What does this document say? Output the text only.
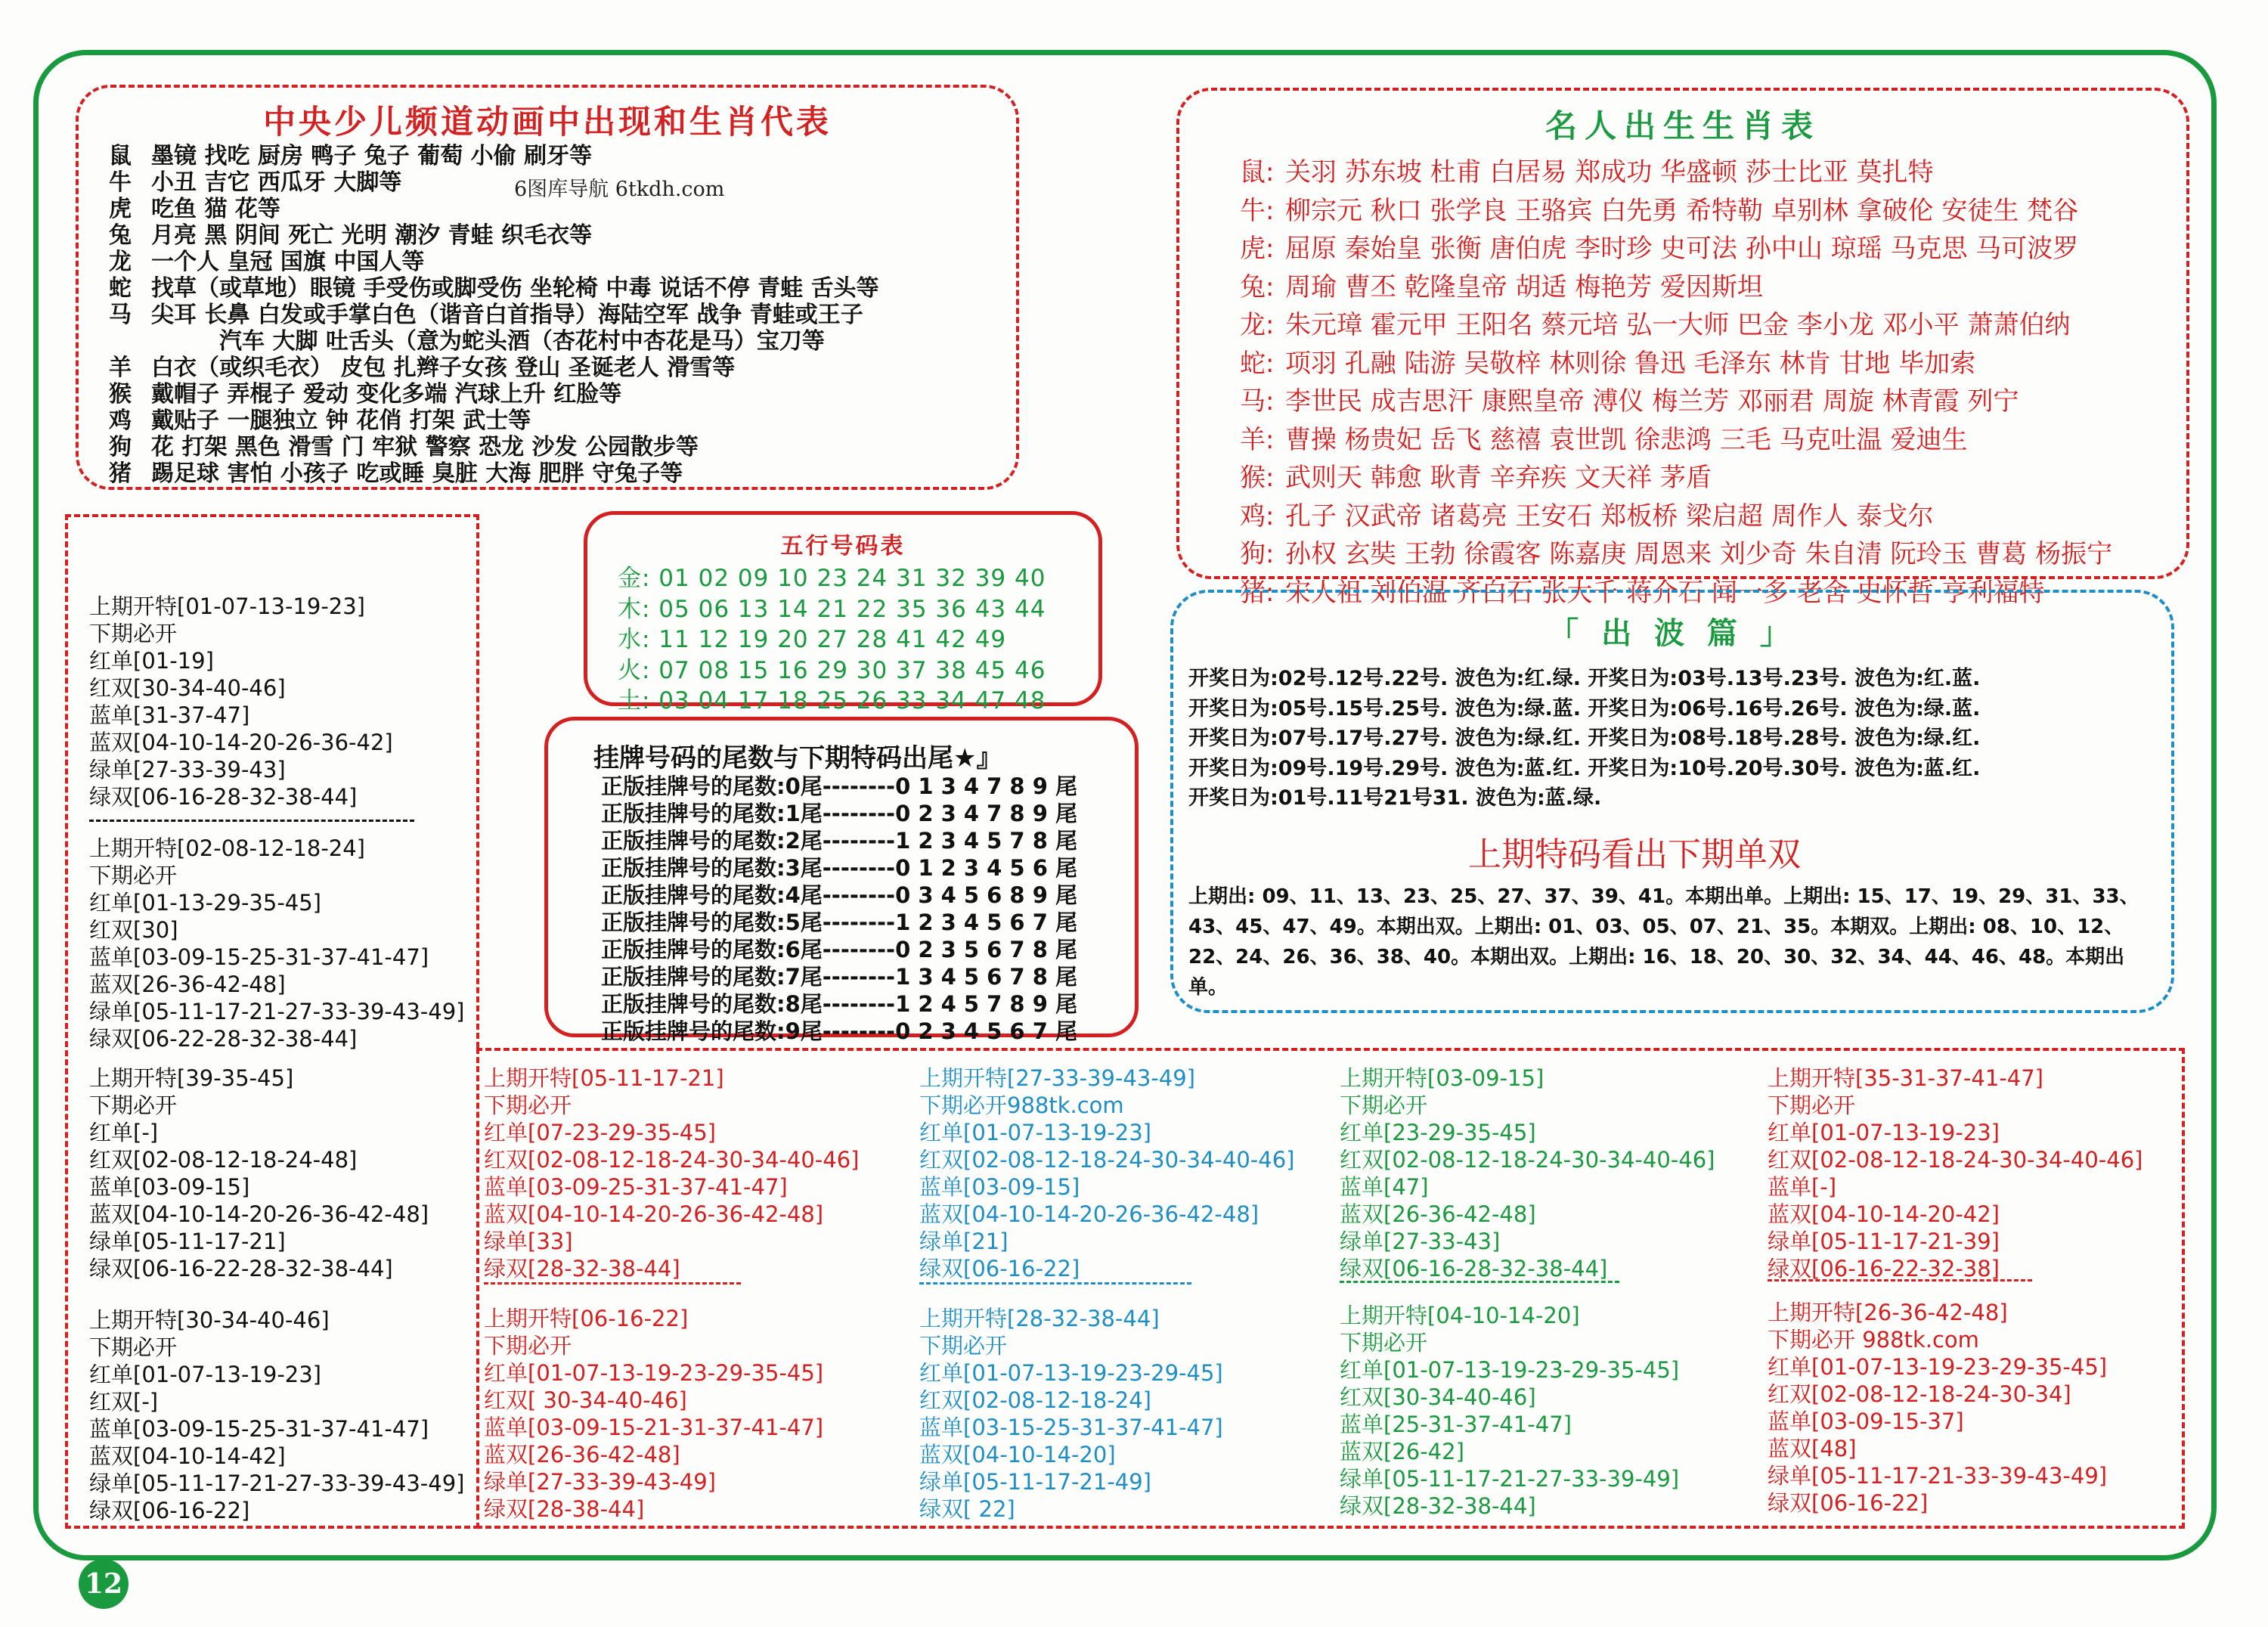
12
中央少儿频道动画中出现和生肖代表
鼠 墨镜 找吃 厨房 鸭子 兔子 葡萄 小偷 刷牙等
牛 小丑 吉它 西瓜牙 大脚等
虎 吃鱼 猫 花等
兔 月亮 黑 阴间 死亡 光明 潮汐 青蛙 织毛衣等
龙 一个人 皇冠 国旗 中国人等
蛇 找草（或草地）眼镜 手受伤或脚受伤 坐轮椅 中毒 说话不停 青蛙 舌头等
马 尖耳 长鼻 白发或手掌白色（谐音白首指导）海陆空军 战争 青蛙或王子
汽车 大脚 吐舌头（意为蛇头酒（杏花村中杏花是马）宝刀等
羊 白衣（或织毛衣） 皮包 扎辫子女孩 登山 圣诞老人 滑雪等
猴 戴帽子 弄棍子 爱动 变化多端 汽球上升 红脸等
鸡 戴贴子 一腿独立 钟 花俏 打架 武士等
狗 花 打架 黑色 滑雪 门 牢狱 警察 恐龙 沙发 公园散步等
猪 踢足球 害怕 小孩子 吃或睡 臭脏 大海 肥胖 守兔子等
6图库导航 6tkdh.com
名人出生生肖表
鼠: 关羽 苏东坡 杜甫 白居易 郑成功 华盛顿 莎士比亚 莫扎特
牛: 柳宗元 秋口 张学良 王骆宾 白先勇 希特勒 卓别林 拿破伦 安徒生 梵谷
虎: 屈原 秦始皇 张衡 唐伯虎 李时珍 史可法 孙中山 琼瑶 马克思 马可波罗
兔: 周瑜 曹丕 乾隆皇帝 胡适 梅艳芳 爱因斯坦
龙: 朱元璋 霍元甲 王阳名 蔡元培 弘一大师 巴金 李小龙 邓小平 萧萧伯纳
蛇: 项羽 孔融 陆游 吴敬梓 林则徐 鲁迅 毛泽东 林肯 甘地 毕加索
马: 李世民 成吉思汗 康熙皇帝 溥仪 梅兰芳 邓丽君 周旋 林青霞 列宁
羊: 曹操 杨贵妃 岳飞 慈禧 袁世凯 徐悲鸿 三毛 马克吐温 爱迪生
猴: 武则天 韩愈 耿青 辛弃疾 文天祥 茅盾
鸡: 孔子 汉武帝 诸葛亮 王安石 郑板桥 梁启超 周作人 泰戈尔
狗: 孙权 玄奘 王勃 徐霞客 陈嘉庚 周恩来 刘少奇 朱自清 阮玲玉 曹葛 杨振宁
猪: 宋人祖 刘伯温 齐白石 张大千 蒋介石 闻一多 老舍 史怀哲 亨利福特
五行号码表
金: 01 02 09 10 23 24 31 32 39 40
木: 05 06 13 14 21 22 35 36 43 44
水: 11 12 19 20 27 28 41 42 49
火: 07 08 15 16 29 30 37 38 45 46
土: 03 04 17 18 25 26 33 34 47 48
挂牌号码的尾数与下期特码出尾★』
正版挂牌号的尾数:0尾--------0 1 3 4 7 8 9 尾
正版挂牌号的尾数:1尾--------0 2 3 4 7 8 9 尾
正版挂牌号的尾数:2尾--------1 2 3 4 5 7 8 尾
正版挂牌号的尾数:3尾--------0 1 2 3 4 5 6 尾
正版挂牌号的尾数:4尾--------0 3 4 5 6 8 9 尾
正版挂牌号的尾数:5尾--------1 2 3 4 5 6 7 尾
正版挂牌号的尾数:6尾--------0 2 3 5 6 7 8 尾
正版挂牌号的尾数:7尾--------1 3 4 5 6 7 8 尾
正版挂牌号的尾数:8尾--------1 2 4 5 7 8 9 尾
正版挂牌号的尾数:9尾--------0 2 3 4 5 6 7 尾
「 出 波 篇 」
开奖日为:02号.12号.22号. 波色为:红.绿. 开奖日为:03号.13号.23号. 波色为:红.蓝.
开奖日为:05号.15号.25号. 波色为:绿.蓝. 开奖日为:06号.16号.26号. 波色为:绿.蓝.
开奖日为:07号.17号.27号. 波色为:绿.红. 开奖日为:08号.18号.28号. 波色为:绿.红.
开奖日为:09号.19号.29号. 波色为:蓝.红. 开奖日为:10号.20号.30号. 波色为:蓝.红.
开奖日为:01号.11号21号31. 波色为:蓝.绿.
上期特码看出下期单双
上期出: 09、11、13、23、25、27、37、39、41。本期出单。上期出: 15、17、19、29、31、33、43、45、47、49。本期出双。上期出: 01、03、05、07、21、35。本期双。上期出: 08、10、12、22、24、26、36、38、40。本期出双。上期出: 16、18、20、30、32、34、44、46、48。本期出单。
上期开特[01-07-13-19-23]
下期必开
红单[01-19]
红双[30-34-40-46]
蓝单[31-37-47]
蓝双[04-10-14-20-26-36-42]
绿单[27-33-39-43]
绿双[06-16-28-32-38-44]
上期开特[02-08-12-18-24]
下期必开
红单[01-13-29-35-45]
红双[30]
蓝单[03-09-15-25-31-37-41-47]
蓝双[26-36-42-48]
绿单[05-11-17-21-27-33-39-43-49]
绿双[06-22-28-32-38-44]
上期开特[39-35-45]
下期必开
红单[-]
红双[02-08-12-18-24-48]
蓝单[03-09-15]
蓝双[04-10-14-20-26-36-42-48]
绿单[05-11-17-21]
绿双[06-16-22-28-32-38-44]
上期开特[30-34-40-46]
下期必开
红单[01-07-13-19-23]
红双[-]
蓝单[03-09-15-25-31-37-41-47]
蓝双[04-10-14-42]
绿单[05-11-17-21-27-33-39-43-49]
绿双[06-16-22]
上期开特[05-11-17-21]
下期必开
红单[07-23-29-35-45]
红双[02-08-12-18-24-30-34-40-46]
蓝单[03-09-25-31-37-41-47]
蓝双[04-10-14-20-26-36-42-48]
绿单[33]
绿双[28-32-38-44]
上期开特[06-16-22]
下期必开
红单[01-07-13-19-23-29-35-45]
红双[ 30-34-40-46]
蓝单[03-09-15-21-31-37-41-47]
蓝双[26-36-42-48]
绿单[27-33-39-43-49]
绿双[28-38-44]
上期开特[27-33-39-43-49]
下期必开988tk.com
红单[01-07-13-19-23]
红双[02-08-12-18-24-30-34-40-46]
蓝单[03-09-15]
蓝双[04-10-14-20-26-36-42-48]
绿单[21]
绿双[06-16-22]
上期开特[28-32-38-44]
下期必开
红单[01-07-13-19-23-29-45]
红双[02-08-12-18-24]
蓝单[03-15-25-31-37-41-47]
蓝双[04-10-14-20]
绿单[05-11-17-21-49]
绿双[ 22]
上期开特[03-09-15]
下期必开
红单[23-29-35-45]
红双[02-08-12-18-24-30-34-40-46]
蓝单[47]
蓝双[26-36-42-48]
绿单[27-33-43]
绿双[06-16-28-32-38-44]
上期开特[04-10-14-20]
下期必开
红单[01-07-13-19-23-29-35-45]
红双[30-34-40-46]
蓝单[25-31-37-41-47]
蓝双[26-42]
绿单[05-11-17-21-27-33-39-49]
绿双[28-32-38-44]
上期开特[35-31-37-41-47]
下期必开
红单[01-07-13-19-23]
红双[02-08-12-18-24-30-34-40-46]
蓝单[-]
蓝双[04-10-14-20-42]
绿单[05-11-17-21-39]
绿双[06-16-22-32-38]
上期开特[26-36-42-48]
下期必开 988tk.com
红单[01-07-13-19-23-29-35-45]
红双[02-08-12-18-24-30-34]
蓝单[03-09-15-37]
蓝双[48]
绿单[05-11-17-21-33-39-43-49]
绿双[06-16-22]
